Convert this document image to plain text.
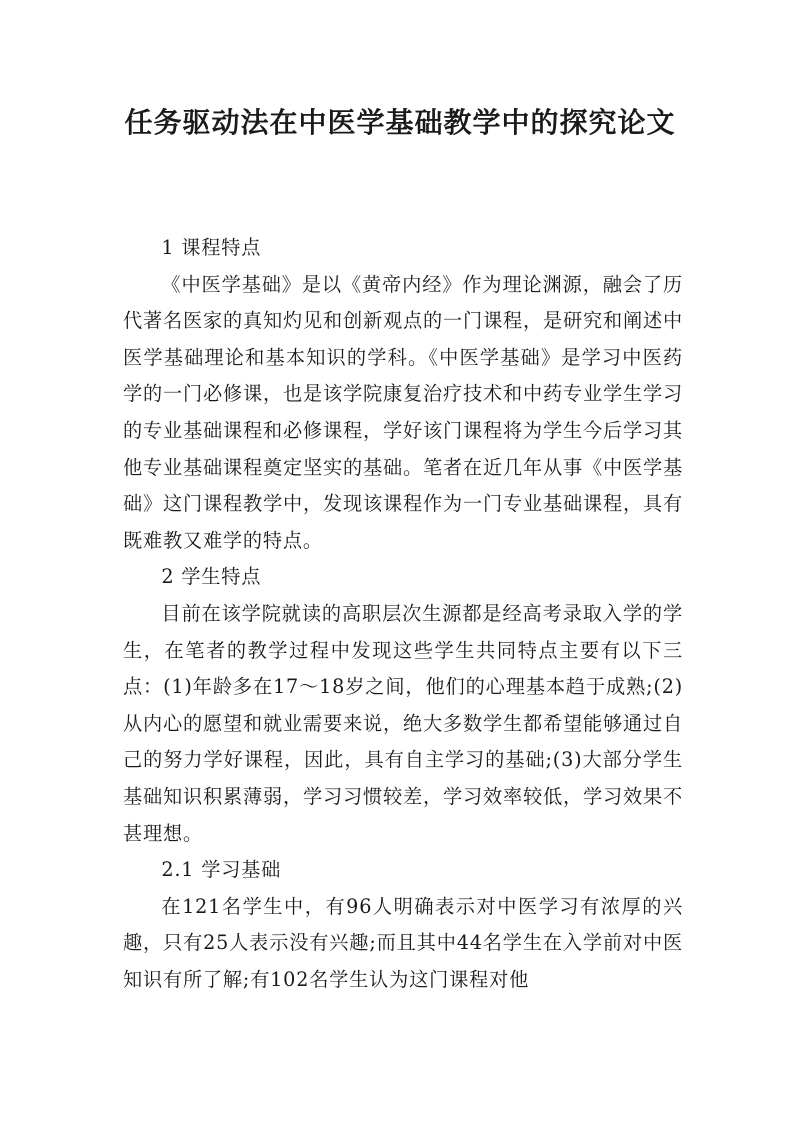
任务驱动法在中医学基础教学中的探究论文

1 课程特点

《中医学基础》是以《黄帝内经》作为理论渊源，融会了历代著名医家的真知灼见和创新观点的一门课程，是研究和阐述中医学基础理论和基本知识的学科。《中医学基础》是学习中医药学的一门必修课，也是该学院康复治疗技术和中药专业学生学习的专业基础课程和必修课程，学好该门课程将为学生今后学习其他专业基础课程奠定坚实的基础。笔者在近几年从事《中医学基础》这门课程教学中，发现该课程作为一门专业基础课程，具有既难教又难学的特点。

2 学生特点

目前在该学院就读的高职层次生源都是经高考录取入学的学生，在笔者的教学过程中发现这些学生共同特点主要有以下三点：(1)年龄多在17～18岁之间，他们的心理基本趋于成熟;(2)从内心的愿望和就业需要来说，绝大多数学生都希望能够通过自己的努力学好课程，因此，具有自主学习的基础;(3)大部分学生基础知识积累薄弱，学习习惯较差，学习效率较低，学习效果不甚理想。

2.1 学习基础

在121名学生中，有96人明确表示对中医学习有浓厚的兴趣，只有25人表示没有兴趣;而且其中44名学生在入学前对中医知识有所了解;有102名学生认为这门课程对他
